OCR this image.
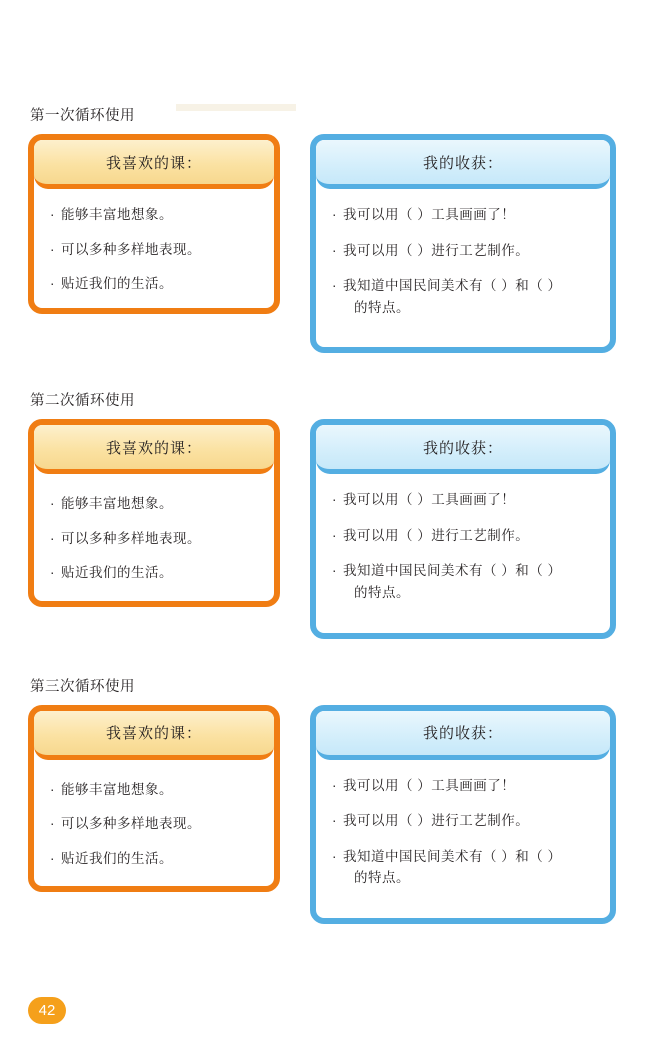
第一次循环使用
我喜欢的课：
· 能够丰富地想象。
· 可以多种多样地表现。
· 贴近我们的生活。
我的收获：
· 我可以用（ ）工具画画了！
· 我可以用（ ）进行工艺制作。
· 我知道中国民间美术有（ ）和（ ）
的特点。
第二次循环使用
我喜欢的课：
· 能够丰富地想象。
· 可以多种多样地表现。
· 贴近我们的生活。
我的收获：
· 我可以用（ ）工具画画了！
· 我可以用（ ）进行工艺制作。
· 我知道中国民间美术有（ ）和（ ）
的特点。
第三次循环使用
我喜欢的课：
· 能够丰富地想象。
· 可以多种多样地表现。
· 贴近我们的生活。
我的收获：
· 我可以用（ ）工具画画了！
· 我可以用（ ）进行工艺制作。
· 我知道中国民间美术有（ ）和（ ）
的特点。
42
